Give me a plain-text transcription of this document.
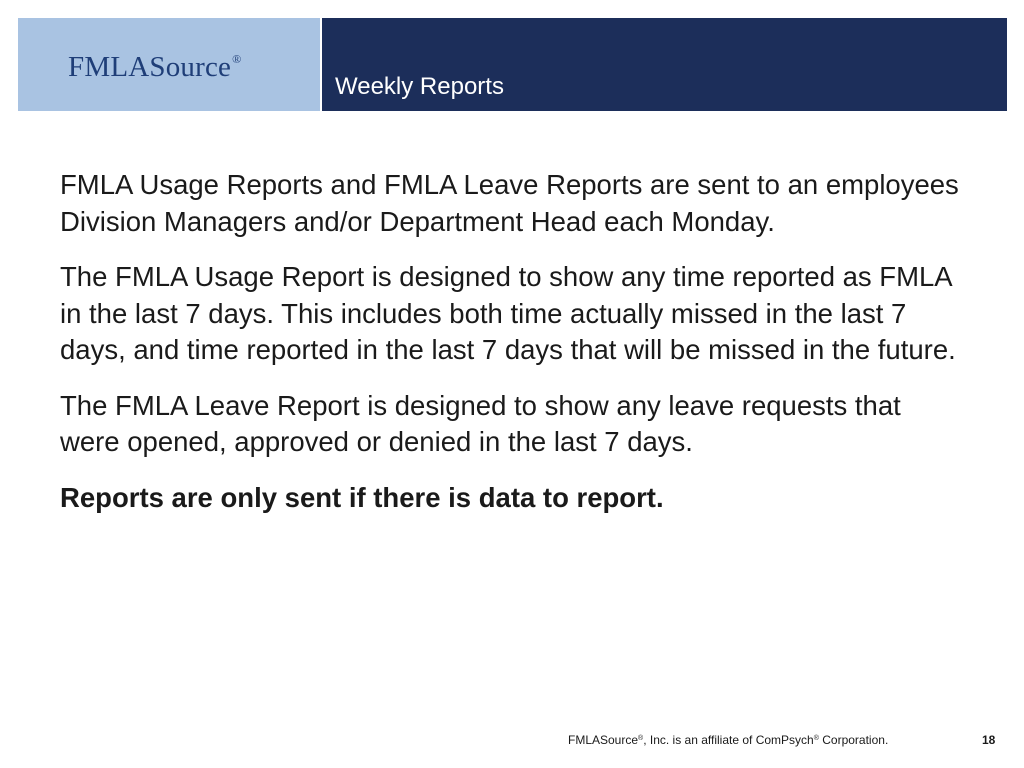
FMLASource®
Weekly Reports

FMLA Usage Reports and FMLA Leave Reports are sent to an employees Division Managers and/or Department Head each Monday.

The FMLA Usage Report is designed to show any time reported as FMLA in the last 7 days. This includes both time actually missed in the last 7 days, and time reported in the last 7 days that will be missed in the future.

The FMLA Leave Report is designed to show any leave requests that were opened, approved or denied in the last 7 days.

Reports are only sent if there is data to report.

FMLASource®, Inc. is an affiliate of ComPsych® Corporation.	18
